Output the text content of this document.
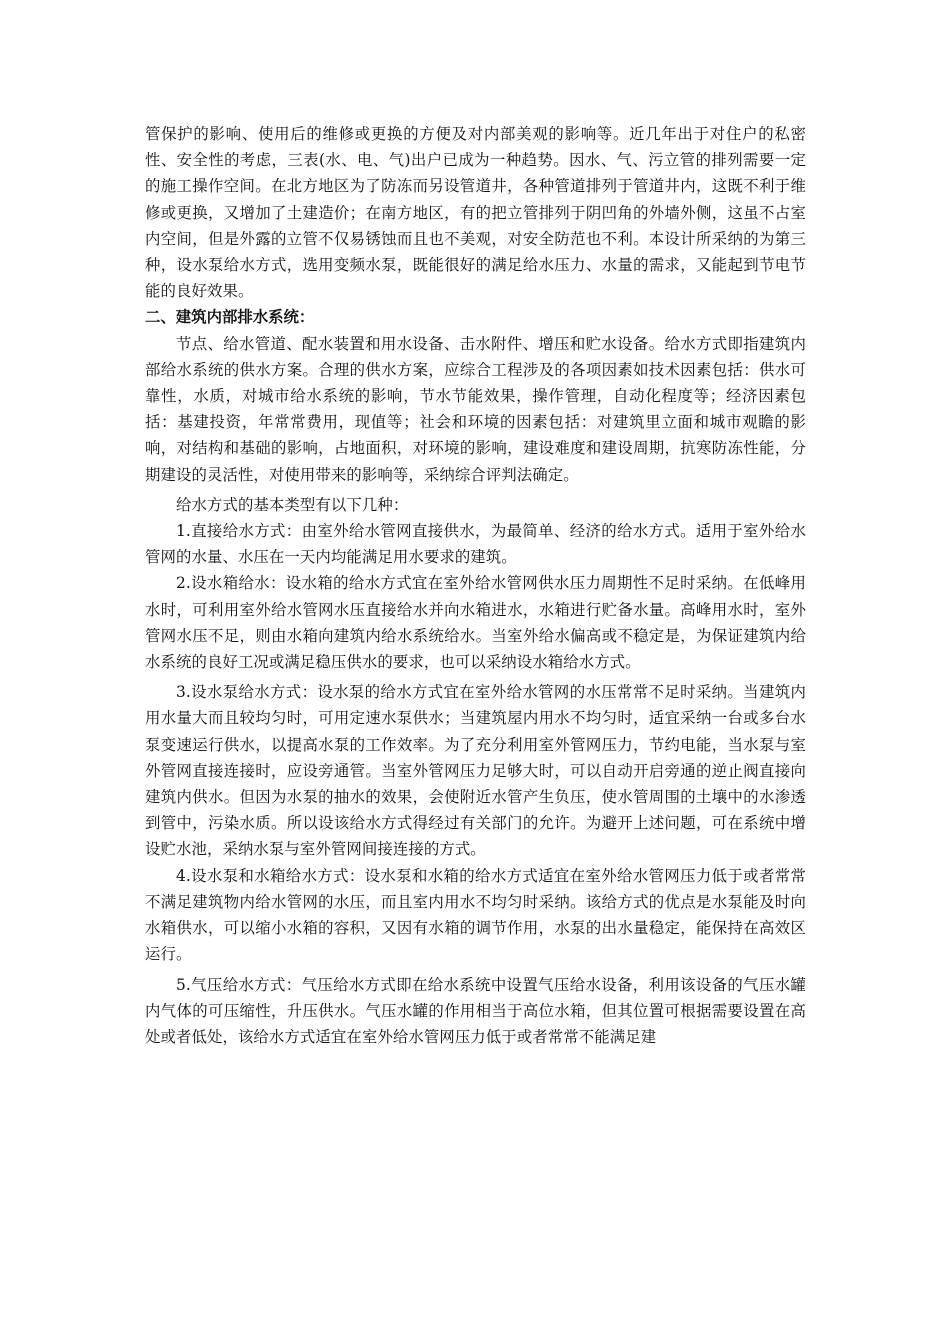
管保护的影响、使用后的维修或更换的方便及对内部美观的影响等。近几年出于对住户的私密性、安全性的考虑，三表(水、电、气)出户已成为一种趋势。因水、气、污立管的排列需要一定的施工操作空间。在北方地区为了防冻而另设管道井，各种管道排列于管道井内，这既不利于维修或更换，又增加了土建造价；在南方地区，有的把立管排列于阴凹角的外墙外侧，这虽不占室内空间，但是外露的立管不仅易锈蚀而且也不美观，对安全防范也不利。本设计所采纳的为第三种，设水泵给水方式，选用变频水泵，既能很好的满足给水压力、水量的需求，又能起到节电节能的良好效果。

二、建筑内部排水系统：

节点、给水管道、配水装置和用水设备、击水附件、增压和贮水设备。给水方式即指建筑内部给水系统的供水方案。合理的供水方案，应综合工程涉及的各项因素如技术因素包括：供水可靠性，水质，对城市给水系统的影响，节水节能效果，操作管理，自动化程度等；经济因素包括：基建投资，年常常费用，现值等；社会和环境的因素包括：对建筑里立面和城市观瞻的影响，对结构和基础的影响，占地面积，对环境的影响，建设难度和建设周期，抗寒防冻性能，分期建设的灵活性，对使用带来的影响等，采纳综合评判法确定。

给水方式的基本类型有以下几种：

1.直接给水方式：由室外给水管网直接供水，为最简单、经济的给水方式。适用于室外给水管网的水量、水压在一天内均能满足用水要求的建筑。

2.设水箱给水：设水箱的给水方式宜在室外给水管网供水压力周期性不足时采纳。在低峰用水时，可利用室外给水管网水压直接给水并向水箱进水，水箱进行贮备水量。高峰用水时，室外管网水压不足，则由水箱向建筑内给水系统给水。当室外给水偏高或不稳定是，为保证建筑内给水系统的良好工况或满足稳压供水的要求，也可以采纳设水箱给水方式。

3.设水泵给水方式：设水泵的给水方式宜在室外给水管网的水压常常不足时采纳。当建筑内用水量大而且较均匀时，可用定速水泵供水；当建筑屋内用水不均匀时，适宜采纳一台或多台水泵变速运行供水，以提高水泵的工作效率。为了充分利用室外管网压力，节约电能，当水泵与室外管网直接连接时，应设旁通管。当室外管网压力足够大时，可以自动开启旁通的逆止阀直接向建筑内供水。但因为水泵的抽水的效果，会使附近水管产生负压，使水管周围的土壤中的水渗透到管中，污染水质。所以设该给水方式得经过有关部门的允许。为避开上述问题，可在系统中增设贮水池，采纳水泵与室外管网间接连接的方式。

4.设水泵和水箱给水方式：设水泵和水箱的给水方式适宜在室外给水管网压力低于或者常常不满足建筑物内给水管网的水压，而且室内用水不均匀时采纳。该给方式的优点是水泵能及时向水箱供水，可以缩小水箱的容积，又因有水箱的调节作用，水泵的出水量稳定，能保持在高效区运行。

5.气压给水方式：气压给水方式即在给水系统中设置气压给水设备，利用该设备的气压水罐内气体的可压缩性，升压供水。气压水罐的作用相当于高位水箱，但其位置可根据需要设置在高处或者低处，该给水方式适宜在室外给水管网压力低于或者常常不能满足建
